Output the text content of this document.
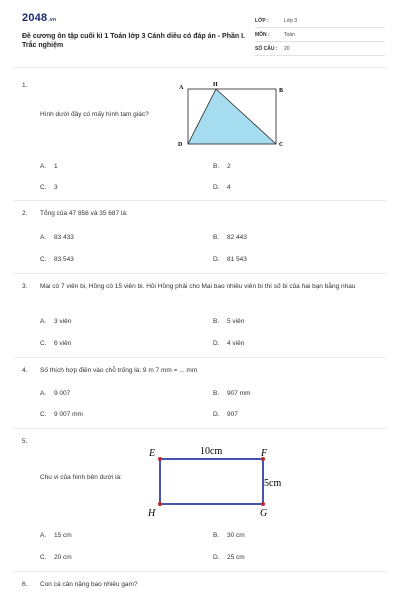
2048.vn
Đề cương ôn tập cuối kì 1 Toán lớp 3 Cánh diều có đáp án - Phần I. Trắc nghiệm
LỚP :	Lớp 3
MÔN :	Toán
SỐ CÂU : 20
1.
Hình dưới đây có mấy hình tam giác?
A	H
B
C
D
A. 1	B. 2
C. 3	D. 4
2. Tổng của 47 856 và 35 687 là:
A. 83 433	B. 82 443
C. 83 543	D. 81 543
3. Mai có 7 viên bi, Hồng có 15 viên bi. Hỏi Hồng phải cho Mai bao nhiêu viên bi thì số bi của hai bạn bằng nhau
A. 3 viên	B. 5 viên
C. 6 viên	D. 4 viên
4. Số thích hợp điền vào chỗ trống là: 9 m 7 mm = ... mm
A. 9 007	B. 907 mm
C. 9 007 mm	D. 907
5.
Chu vi của hình bên dưới là:
E	F
G
H
10cm
5cm
A. 15 cm	B. 30 cm
C. 20 cm	D. 25 cm
6. Con cá cân nặng bao nhiêu gam?
